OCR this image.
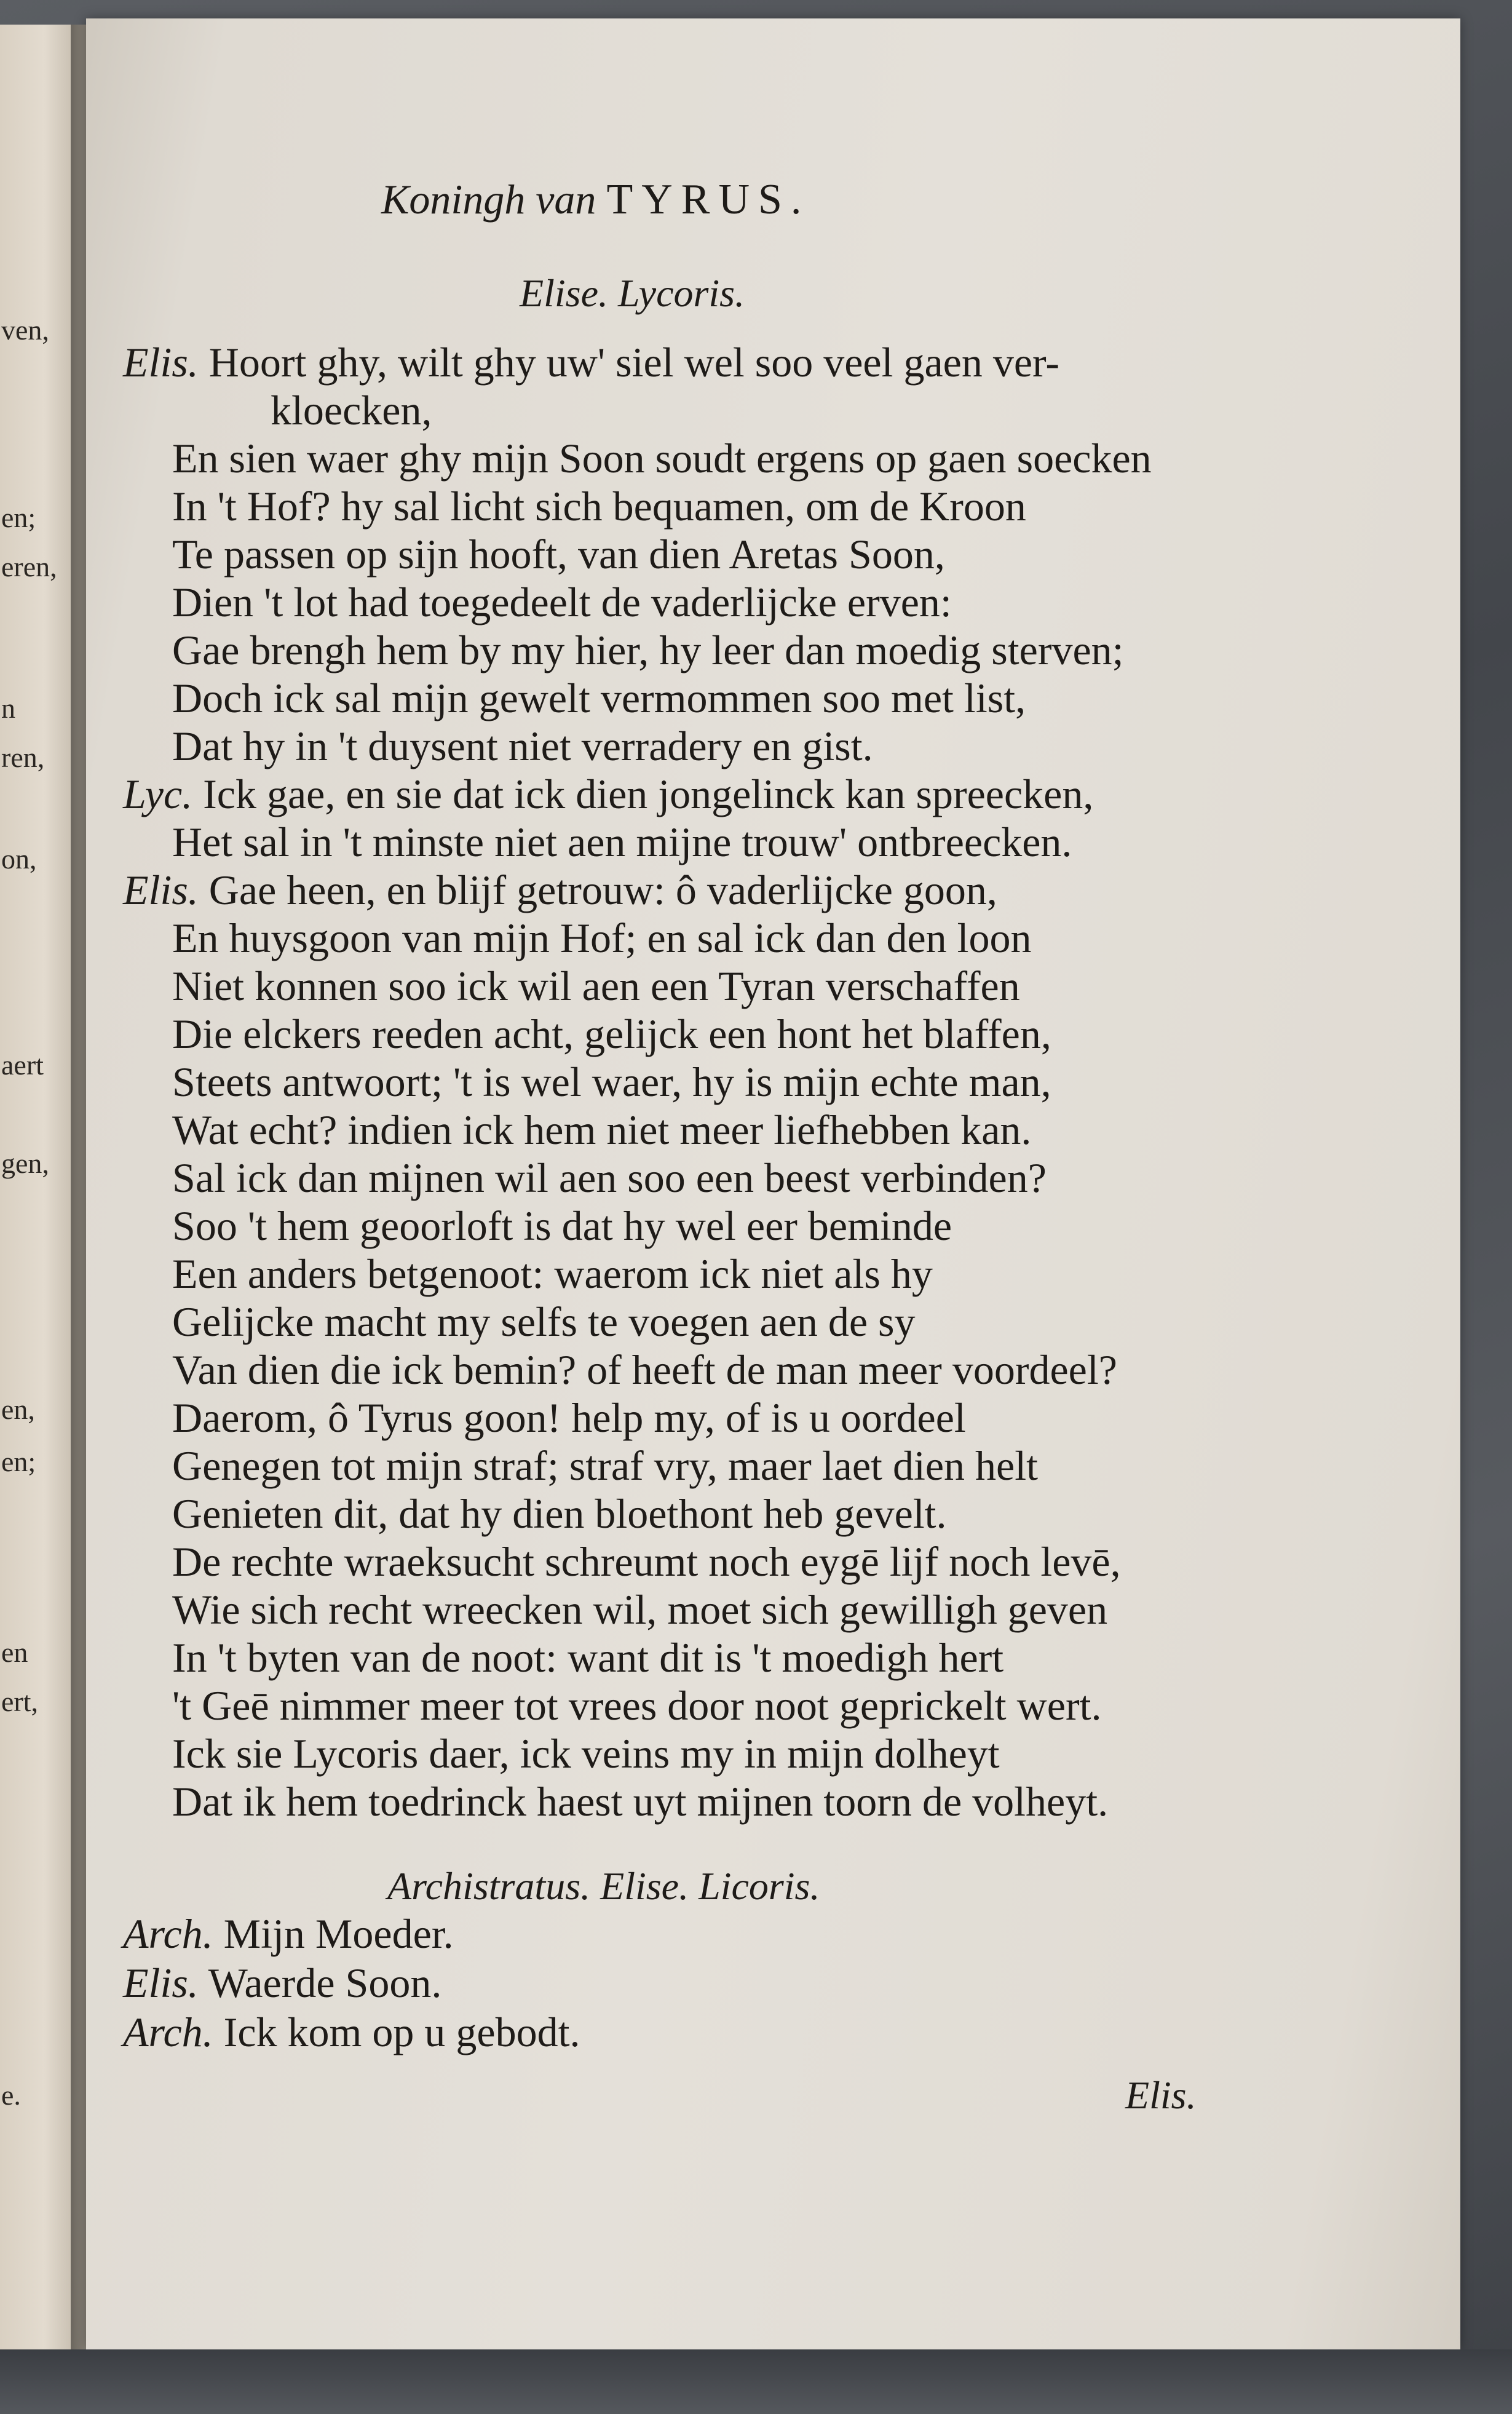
ven,
en;
eren,
n
ren,
on,
aert
gen,
en,
en;
en
ert,
e.
Koningh van TYRUS.
Elise. Lycoris.
Elis. Hoort ghy, wilt ghy uw' siel wel soo veel gaen ver-
kloecken,
En sien waer ghy mijn Soon soudt ergens op gaen soecken
In 't Hof? hy sal licht sich bequamen, om de Kroon
Te passen op sijn hooft, van dien Aretas Soon,
Dien 't lot had toegedeelt de vaderlijcke erven:
Gae brengh hem by my hier, hy leer dan moedig sterven;
Doch ick sal mijn gewelt vermommen soo met list,
Dat hy in 't duysent niet verradery en gist.
Lyc. Ick gae, en sie dat ick dien jongelinck kan spreecken,
Het sal in 't minste niet aen mijne trouw' ontbreecken.
Elis. Gae heen, en blijf getrouw: ô vaderlijcke goon,
En huysgoon van mijn Hof; en sal ick dan den loon
Niet konnen soo ick wil aen een Tyran verschaffen
Die elckers reeden acht, gelijck een hont het blaffen,
Steets antwoort; 't is wel waer, hy is mijn echte man,
Wat echt? indien ick hem niet meer liefhebben kan.
Sal ick dan mijnen wil aen soo een beest verbinden?
Soo 't hem geoorloft is dat hy wel eer beminde
Een anders betgenoot: waerom ick niet als hy
Gelijcke macht my selfs te voegen aen de sy
Van dien die ick bemin? of heeft de man meer voordeel?
Daerom, ô Tyrus goon! help my, of is u oordeel
Genegen tot mijn straf; straf vry, maer laet dien helt
Genieten dit, dat hy dien bloethont heb gevelt.
De rechte wraeksucht schreumt noch eygē lijf noch levē,
Wie sich recht wreecken wil, moet sich gewilligh geven
In 't byten van de noot: want dit is 't moedigh hert
't Geē nimmer meer tot vrees door noot geprickelt wert.
Ick sie Lycoris daer, ick veins my in mijn dolheyt
Dat ik hem toedrinck haest uyt mijnen toorn de volheyt.
Archistratus. Elise. Licoris.
Arch. Mijn Moeder.
Elis. Waerde Soon.
Arch. Ick kom op u gebodt.
Elis.
